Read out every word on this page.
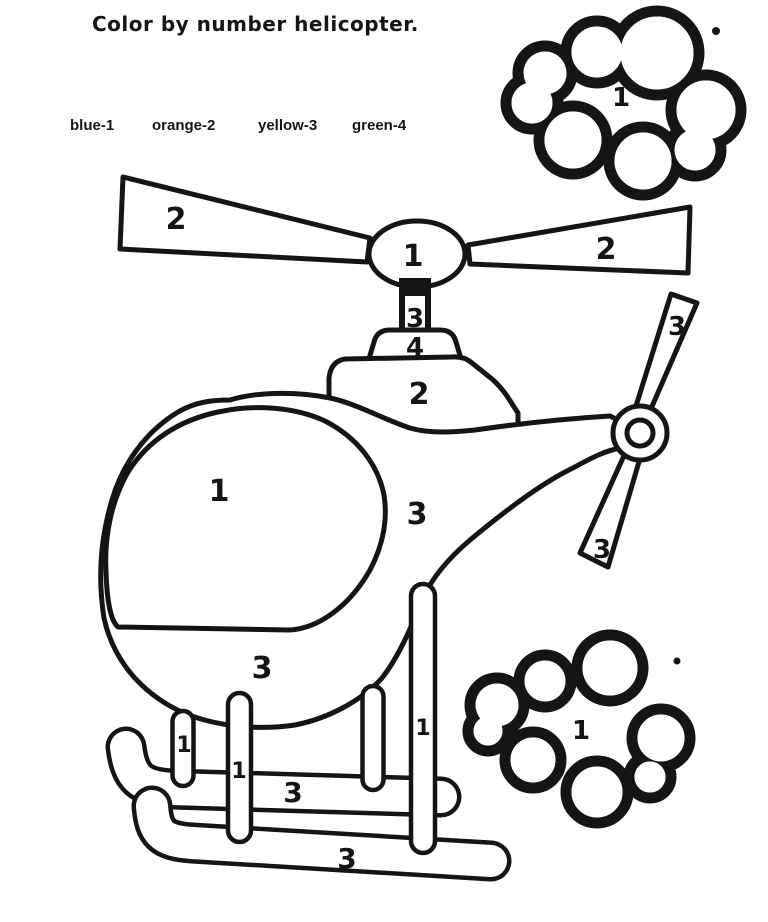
Color by number helicopter.
blue-1	orange-2	yellow-3 green-4
1
2
2
1
3
4
2
1
3
3
3
3
1
1
1
3
3
1
